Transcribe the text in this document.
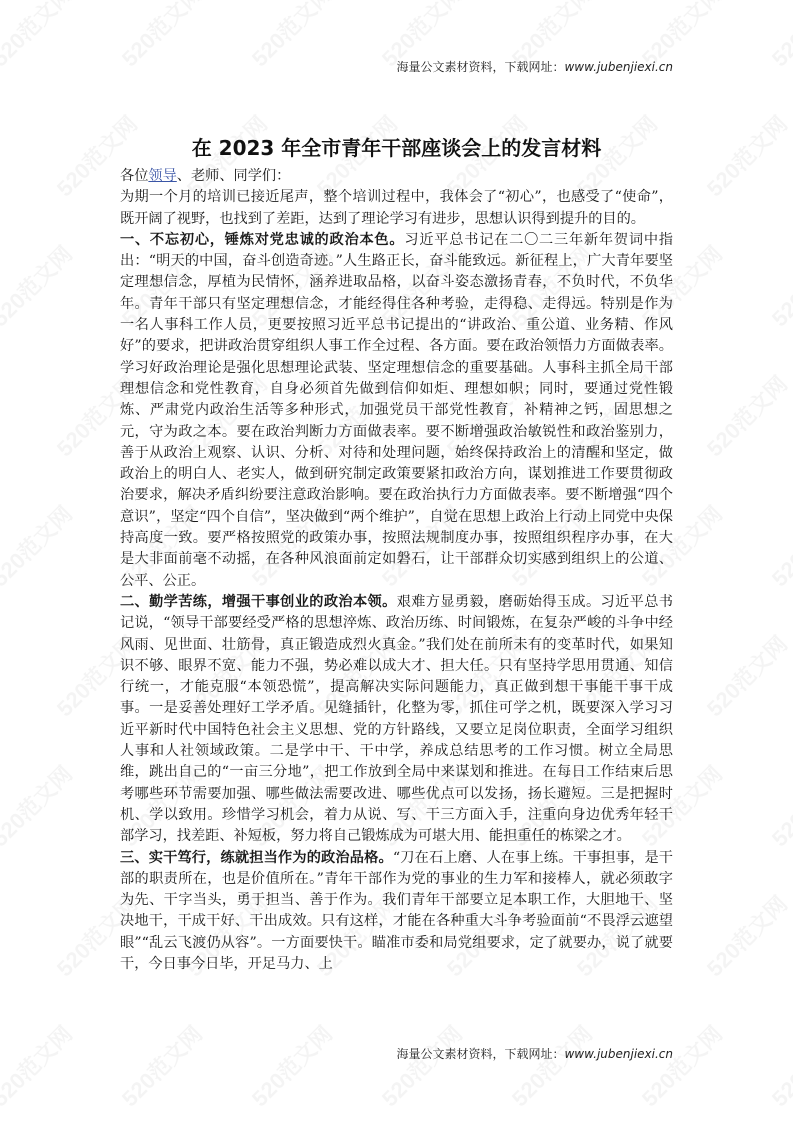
海量公文素材资料，下载网址：www.jubenjiexi.cn
在 2023 年全市青年干部座谈会上的发言材料

各位领导、老师、同学们：

为期一个月的培训已接近尾声，整个培训过程中，我体会了“初心”，也感受了“使命”，既开阔了视野，也找到了差距，达到了理论学习有进步，思想认识得到提升的目的。

一、不忘初心，锤炼对党忠诚的政治本色。习近平总书记在二〇二三年新年贺词中指出：“明天的中国，奋斗创造奇迹。”人生路正长，奋斗能致远。新征程上，广大青年要坚定理想信念，厚植为民情怀，涵养进取品格，以奋斗姿态激扬青春，不负时代，不负华年。青年干部只有坚定理想信念，才能经得住各种考验，走得稳、走得远。特别是作为一名人事科工作人员，更要按照习近平总书记提出的“讲政治、重公道、业务精、作风好”的要求，把讲政治贯穿组织人事工作全过程、各方面。要在政治领悟力方面做表率。学习好政治理论是强化思想理论武装、坚定理想信念的重要基础。人事科主抓全局干部理想信念和党性教育，自身必须首先做到信仰如炬、理想如帜；同时，要通过党性锻炼、严肃党内政治生活等多种形式，加强党员干部党性教育，补精神之钙，固思想之元，守为政之本。要在政治判断力方面做表率。要不断增强政治敏锐性和政治鉴别力，善于从政治上观察、认识、分析、对待和处理问题，始终保持政治上的清醒和坚定，做政治上的明白人、老实人，做到研究制定政策要紧扣政治方向，谋划推进工作要贯彻政治要求，解决矛盾纠纷要注意政治影响。要在政治执行力方面做表率。要不断增强“四个意识”，坚定“四个自信”，坚决做到“两个维护”，自觉在思想上政治上行动上同党中央保持高度一致。要严格按照党的政策办事，按照法规制度办事，按照组织程序办事，在大是大非面前毫不动摇，在各种风浪面前定如磐石，让干部群众切实感到组织上的公道、公平、公正。

二、勤学苦练，增强干事创业的政治本领。艰难方显勇毅，磨砺始得玉成。习近平总书记说，“领导干部要经受严格的思想淬炼、政治历练、时间锻炼，在复杂严峻的斗争中经风雨、见世面、壮筋骨，真正锻造成烈火真金。”我们处在前所未有的变革时代，如果知识不够、眼界不宽、能力不强，势必难以成大才、担大任。只有坚持学思用贯通、知信行统一，才能克服“本领恐慌”，提高解决实际问题能力，真正做到想干事能干事干成事。一是妥善处理好工学矛盾。见缝插针，化整为零，抓住可学之机，既要深入学习习近平新时代中国特色社会主义思想、党的方针路线，又要立足岗位职责，全面学习组织人事和人社领域政策。二是学中干、干中学，养成总结思考的工作习惯。树立全局思维，跳出自己的“一亩三分地”，把工作放到全局中来谋划和推进。在每日工作结束后思考哪些环节需要加强、哪些做法需要改进、哪些优点可以发扬，扬长避短。三是把握时机、学以致用。珍惜学习机会，着力从说、写、干三方面入手，注重向身边优秀年轻干部学习，找差距、补短板，努力将自己锻炼成为可堪大用、能担重任的栋梁之才。

三、实干笃行，练就担当作为的政治品格。“刀在石上磨、人在事上练。干事担事，是干部的职责所在，也是价值所在。”青年干部作为党的事业的生力军和接棒人，就必须敢字为先、干字当头，勇于担当、善于作为。我们青年干部要立足本职工作，大胆地干、坚决地干，干成干好、干出成效。只有这样，才能在各种重大斗争考验面前“不畏浮云遮望眼”“乱云飞渡仍从容”。一方面要快干。瞄准市委和局党组要求，定了就要办，说了就要干，今日事今日毕，开足马力、上

海量公文素材资料，下载网址：www.jubenjiexi.cn
